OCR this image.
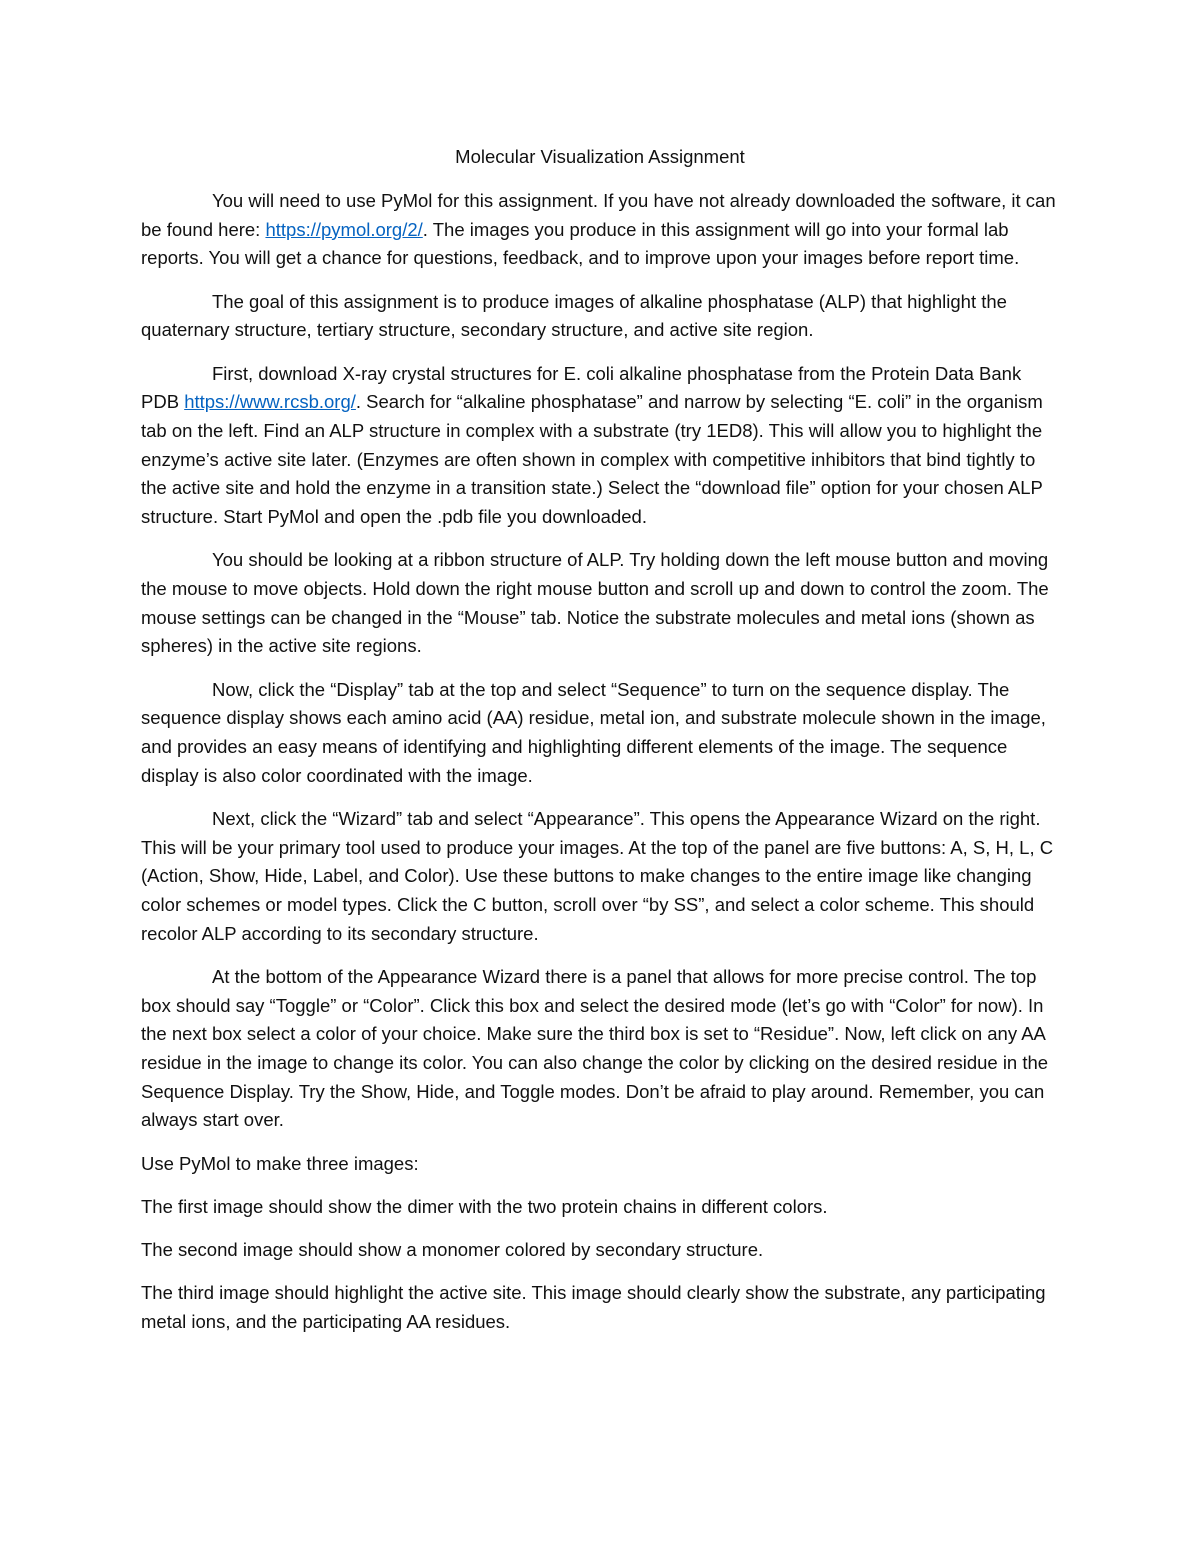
Molecular Visualization Assignment

You will need to use PyMol for this assignment. If you have not already downloaded the software, it can be found here: https://pymol.org/2/. The images you produce in this assignment will go into your formal lab reports. You will get a chance for questions, feedback, and to improve upon your images before report time.

The goal of this assignment is to produce images of alkaline phosphatase (ALP) that highlight the quaternary structure, tertiary structure, secondary structure, and active site region.

First, download X-ray crystal structures for E. coli alkaline phosphatase from the Protein Data Bank PDB https://www.rcsb.org/. Search for “alkaline phosphatase” and narrow by selecting “E. coli” in the organism tab on the left. Find an ALP structure in complex with a substrate (try 1ED8). This will allow you to highlight the enzyme’s active site later. (Enzymes are often shown in complex with competitive inhibitors that bind tightly to the active site and hold the enzyme in a transition state.) Select the “download file” option for your chosen ALP structure. Start PyMol and open the .pdb file you downloaded.

You should be looking at a ribbon structure of ALP. Try holding down the left mouse button and moving the mouse to move objects. Hold down the right mouse button and scroll up and down to control the zoom. The mouse settings can be changed in the “Mouse” tab. Notice the substrate molecules and metal ions (shown as spheres) in the active site regions.

Now, click the “Display” tab at the top and select “Sequence” to turn on the sequence display. The sequence display shows each amino acid (AA) residue, metal ion, and substrate molecule shown in the image, and provides an easy means of identifying and highlighting different elements of the image. The sequence display is also color coordinated with the image.

Next, click the “Wizard” tab and select “Appearance”. This opens the Appearance Wizard on the right. This will be your primary tool used to produce your images. At the top of the panel are five buttons: A, S, H, L, C (Action, Show, Hide, Label, and Color). Use these buttons to make changes to the entire image like changing color schemes or model types. Click the C button, scroll over “by SS”, and select a color scheme. This should recolor ALP according to its secondary structure.

At the bottom of the Appearance Wizard there is a panel that allows for more precise control. The top box should say “Toggle” or “Color”. Click this box and select the desired mode (let’s go with “Color” for now). In the next box select a color of your choice. Make sure the third box is set to “Residue”. Now, left click on any AA residue in the image to change its color. You can also change the color by clicking on the desired residue in the Sequence Display. Try the Show, Hide, and Toggle modes. Don’t be afraid to play around. Remember, you can always start over.

Use PyMol to make three images:

The first image should show the dimer with the two protein chains in different colors.

The second image should show a monomer colored by secondary structure.

The third image should highlight the active site. This image should clearly show the substrate, any participating metal ions, and the participating AA residues.
